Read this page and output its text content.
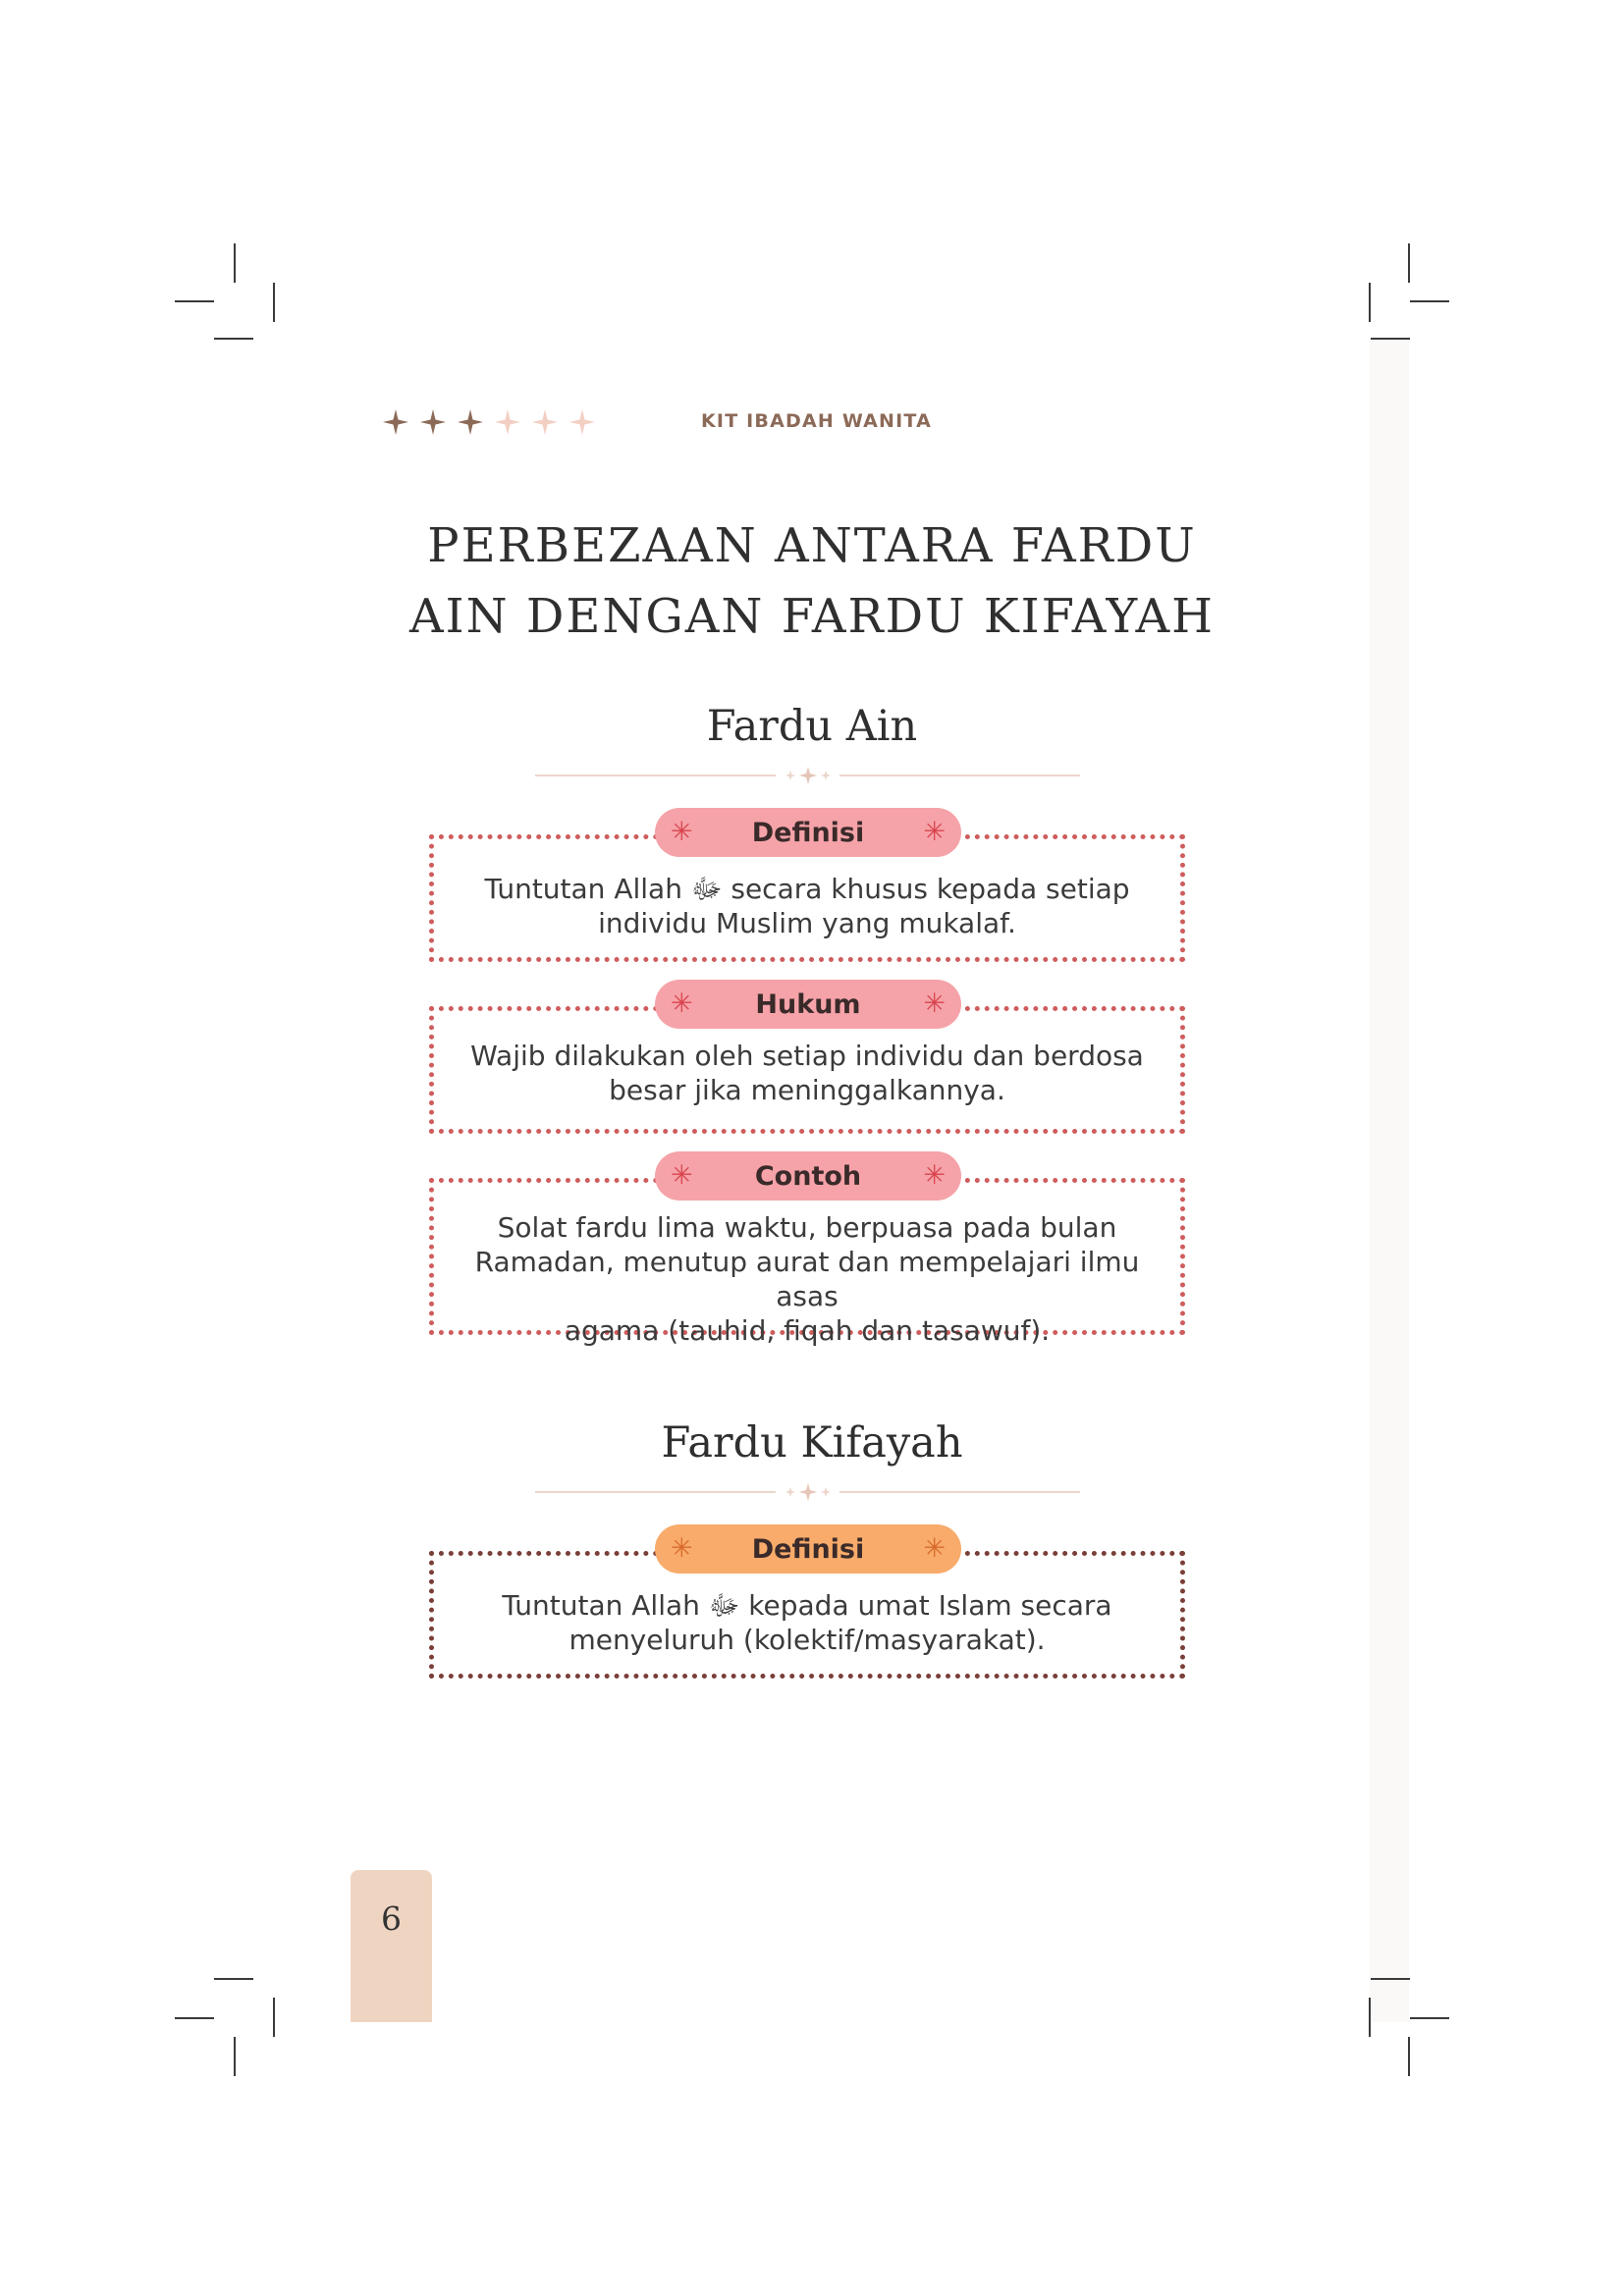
KIT IBADAH WANITA
PERBEZAAN ANTARA FARDU
AIN DENGAN FARDU KIFAYAH
Fardu Ain
✳ Definisi ✳
Tuntutan Allah ﷻ secara khusus kepada setiap
individu Muslim yang mukalaf.
✳ Hukum ✳
Wajib dilakukan oleh setiap individu dan berdosa
besar jika meninggalkannya.
✳ Contoh ✳
Solat fardu lima waktu, berpuasa pada bulan
Ramadan, menutup aurat dan mempelajari ilmu asas
agama (tauhid, fiqah dan tasawuf).
Fardu Kifayah
✳ Definisi ✳
Tuntutan Allah ﷻ kepada umat Islam secara
menyeluruh (kolektif/masyarakat).
6
